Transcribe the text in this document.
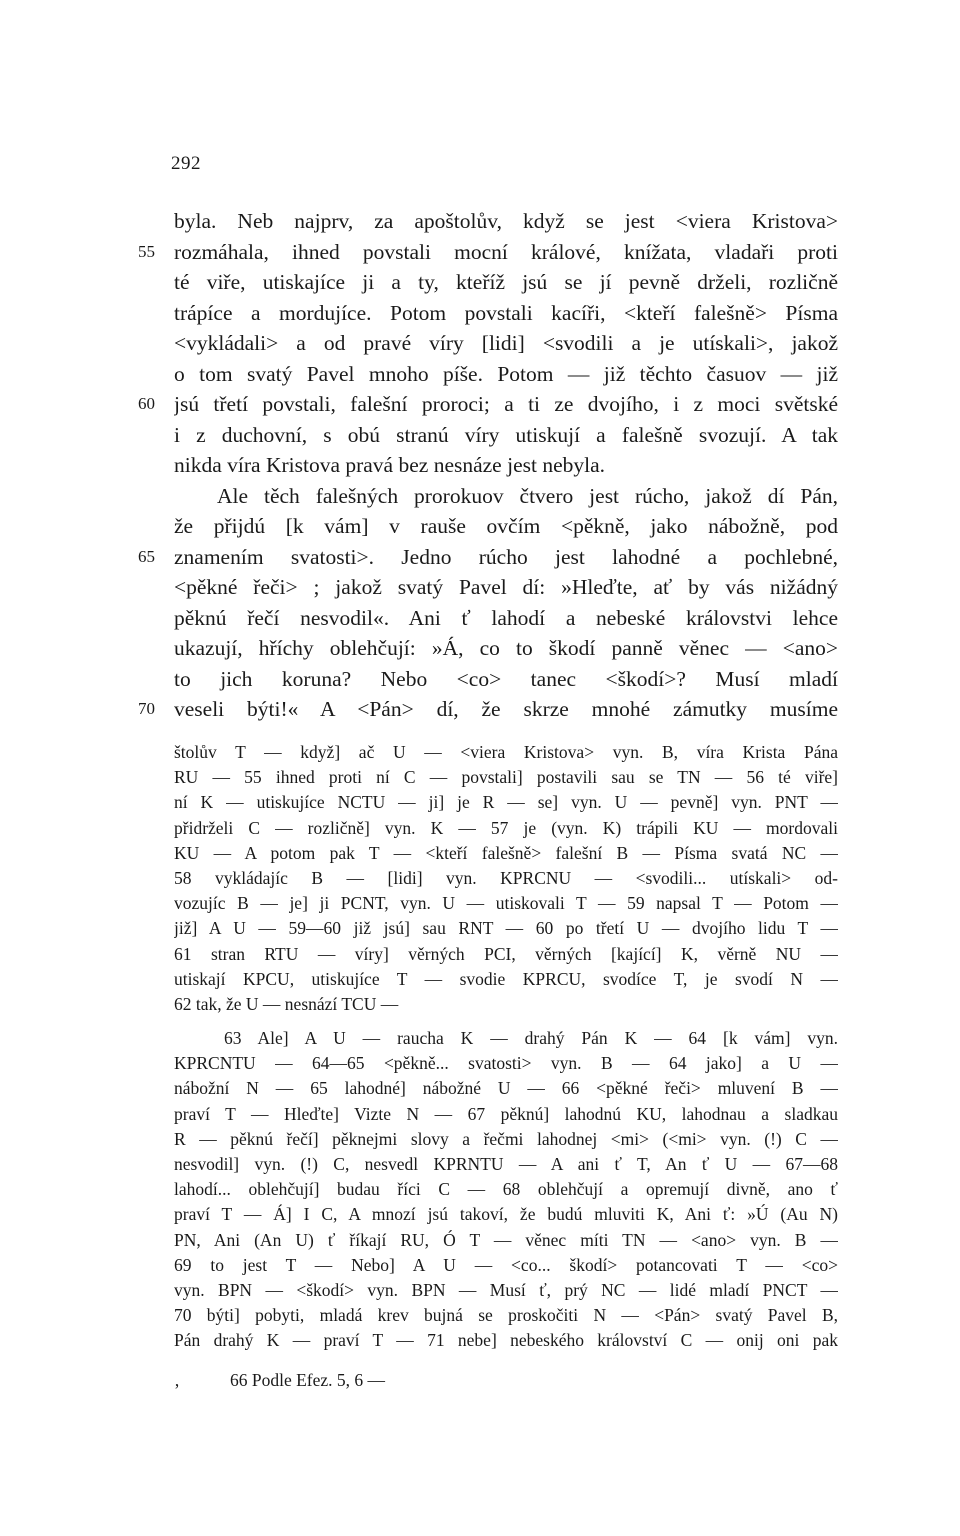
292
byla. Neb najprv, za apoštolův, když se jest <viera Kristova>
55 rozmáhala, ihned povstali mocní králové, knížata, vladaři proti
té viře, utiskajíce ji a ty, kteříž jsú se jí pevně drželi, rozličně
trápíce a mordujíce. Potom povstali kacíři, <kteří falešně> Písma
<vykládali> a od pravé víry [lidi] <svodili a je utískali>, jakož
o tom svatý Pavel mnoho píše. Potom — již těchto časuov — již
60 jsú třetí povstali, falešní proroci; a ti ze dvojího, i z moci světské
i z duchovní, s obú stranú víry utiskují a falešně svozují. A tak
nikda víra Kristova pravá bez nesnáze jest nebyla.
Ale těch falešných prorokuov čtvero jest rúcho, jakož dí Pán,
že přijdú [k vám] v rauše ovčím <pěkně, jako nábožně, pod
65 znamením svatosti>. Jedno rúcho jest lahodné a pochlebné,
<pěkné řeči> ; jakož svatý Pavel dí: »Hleďte, ať by vás nižádný
pěknú řečí nesvodil«. Ani ť lahodí a nebeské královstvi lehce
ukazují, hříchy oblehčují: »Á, co to škodí panně věnec — <ano>
to jich koruna? Nebo <co> tanec <škodí>? Musí mladí
70 veseli býti!« A <Pán> dí, že skrze mnohé zámutky musíme
štolův T — když] ač U — <viera Kristova> vyn. B, víra Krista Pána
RU — 55 ihned proti ní C — povstali] postavili sau se TN — 56 té viře]
ní K — utiskujíce NCTU — ji] je R — se] vyn. U — pevně] vyn. PNT —
přidrželi C — rozličně] vyn. K — 57 je (vyn. K) trápili KU — mordovali
KU — A potom pak T — <kteří falešně> falešní B — Písma svatá NC —
58 vykládajíc B — [lidi] vyn. KPRCNU — <svodili... utískali> od-
vozujíc B — je] ji PCNT, vyn. U — utiskovali T — 59 napsal T — Potom —
již] A U — 59—60 již jsú] sau RNT — 60 po třetí U — dvojího lidu T —
61 stran RTU — víry] věrných PCI, věrných [kající] K, věrně NU —
utiskají KPCU, utiskujíce T — svodie KPRCU, svodíce T, je svodí N —
62 tak, že U — nesnází TCU —
63 Ale] A U — raucha K — drahý Pán K — 64 [k vám] vyn.
KPRCNTU — 64—65 <pěkně... svatosti> vyn. B — 64 jako] a U —
nábožní N — 65 lahodné] nábožné U — 66 <pěkné řeči> mluvení B —
praví T — Hleďte] Vizte N — 67 pěknú] lahodnú KU, lahodnau a sladkau
R — pěknú řečí] pěknejmi slovy a řečmi lahodnej <mi> (<mi> vyn. (!) C —
nesvodil] vyn. (!) C, nesvedl KPRNTU — A ani ť T, An ť U — 67—68
lahodí... oblehčují] budau říci C — 68 oblehčují a opremují divně, ano ť
praví T — Á] I C, A mnozí jsú takoví, že budú mluviti K, Ani ť: »Ú (Au N)
PN, Ani (An U) ť říkají RU, Ó T — věnec míti TN — <ano> vyn. B —
69 to jest T — Nebo] A U — <co... škodí> potancovati T — <co>
vyn. BPN — <škodí> vyn. BPN — Musí ť, prý NC — lidé mladí PNCT —
70 býti] pobyti, mladá krev bujná se proskočiti N — <Pán> svatý Pavel B,
Pán drahý K — praví T — 71 nebe] nebeského království C — onij oni pak
‚	66 Podle Efez. 5, 6 —
